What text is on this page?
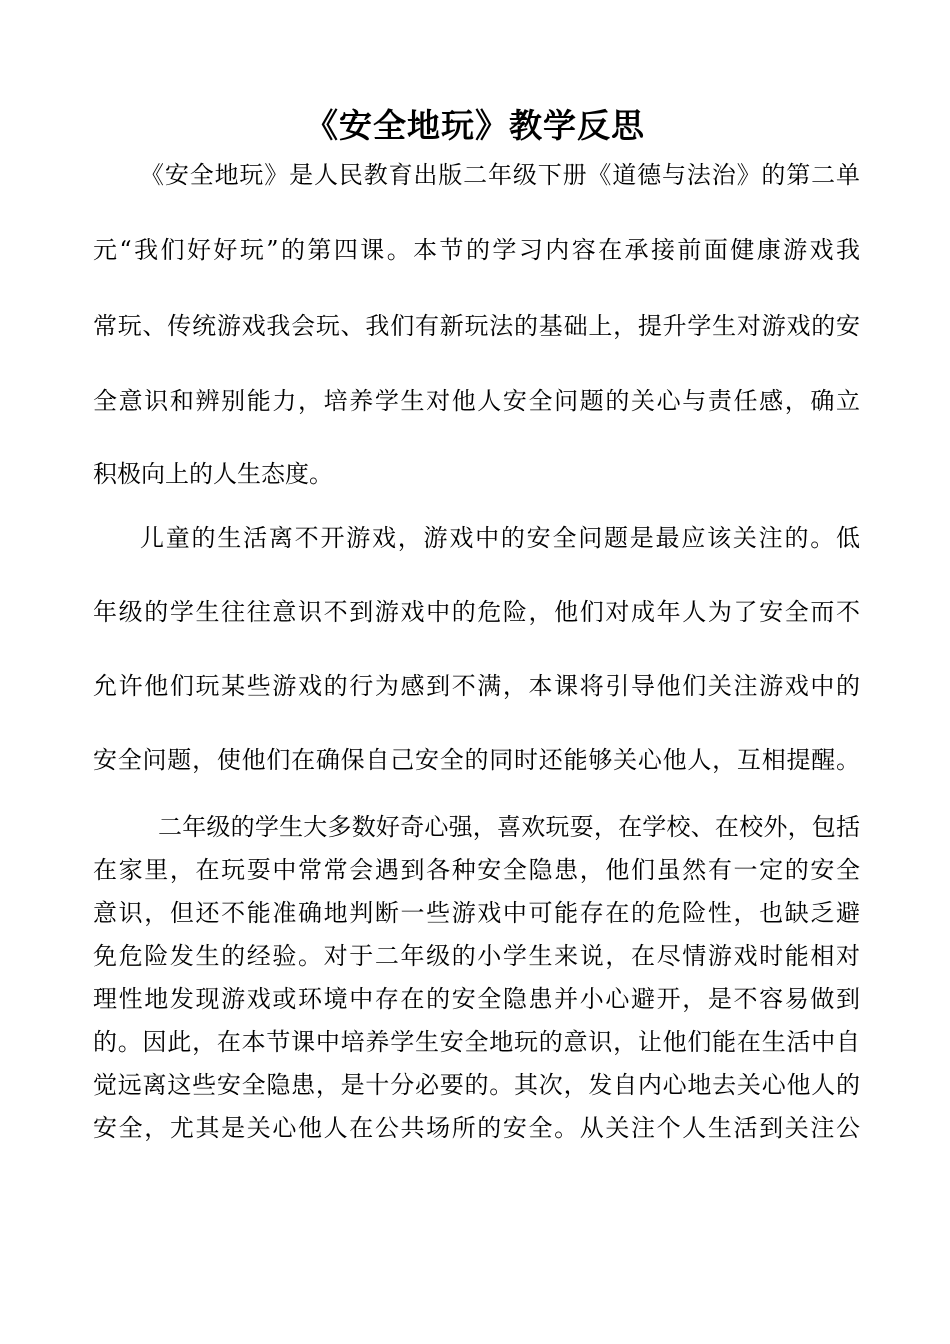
《安全地玩》教学反思

《安全地玩》是人民教育出版二年级下册《道德与法治》的第二单

元“我们好好玩”的第四课。本节的学习内容在承接前面健康游戏我

常玩、传统游戏我会玩、我们有新玩法的基础上，提升学生对游戏的安

全意识和辨别能力，培养学生对他人安全问题的关心与责任感，确立

积极向上的人生态度。

儿童的生活离不开游戏，游戏中的安全问题是最应该关注的。低

年级的学生往往意识不到游戏中的危险，他们对成年人为了安全而不

允许他们玩某些游戏的行为感到不满，本课将引导他们关注游戏中的

安全问题，使他们在确保自己安全的同时还能够关心他人，互相提醒。

二年级的学生大多数好奇心强，喜欢玩耍，在学校、在校外，包括

在家里，在玩耍中常常会遇到各种安全隐患，他们虽然有一定的安全

意识，但还不能准确地判断一些游戏中可能存在的危险性，也缺乏避

免危险发生的经验。对于二年级的小学生来说，在尽情游戏时能相对

理性地发现游戏或环境中存在的安全隐患并小心避开，是不容易做到

的。因此，在本节课中培养学生安全地玩的意识，让他们能在生活中自

觉远离这些安全隐患，是十分必要的。其次，发自内心地去关心他人的

安全，尤其是关心他人在公共场所的安全。从关注个人生活到关注公
